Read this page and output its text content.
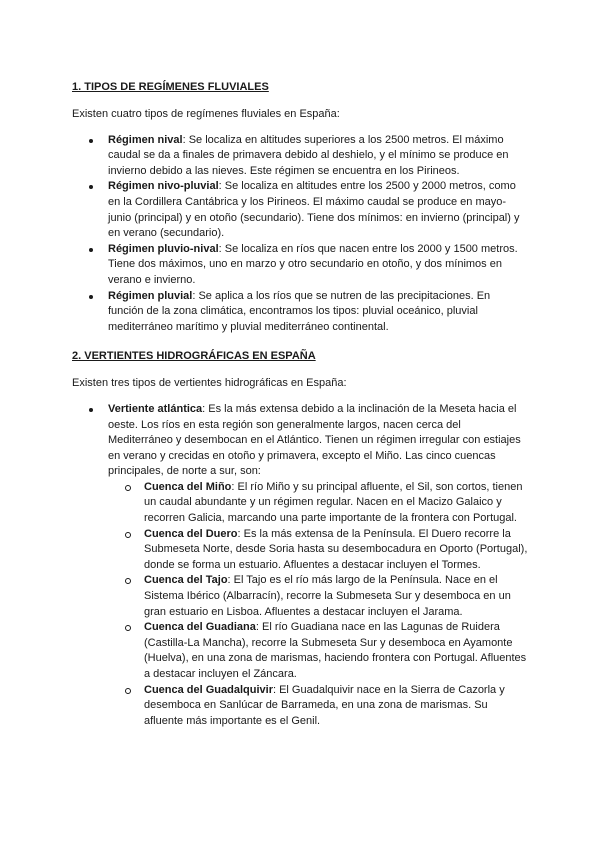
1. TIPOS DE REGÍMENES FLUVIALES

Existen cuatro tipos de regímenes fluviales en España:

Régimen nival: Se localiza en altitudes superiores a los 2500 metros. El máximo caudal se da a finales de primavera debido al deshielo, y el mínimo se produce en invierno debido a las nieves. Este régimen se encuentra en los Pirineos.
Régimen nivo-pluvial: Se localiza en altitudes entre los 2500 y 2000 metros, como en la Cordillera Cantábrica y los Pirineos. El máximo caudal se produce en mayo-junio (principal) y en otoño (secundario). Tiene dos mínimos: en invierno (principal) y en verano (secundario).
Régimen pluvio-nival: Se localiza en ríos que nacen entre los 2000 y 1500 metros. Tiene dos máximos, uno en marzo y otro secundario en otoño, y dos mínimos en verano e invierno.
Régimen pluvial: Se aplica a los ríos que se nutren de las precipitaciones. En función de la zona climática, encontramos los tipos: pluvial oceánico, pluvial mediterráneo marítimo y pluvial mediterráneo continental.
2. VERTIENTES HIDROGRÁFICAS EN ESPAÑA

Existen tres tipos de vertientes hidrográficas en España:

Vertiente atlántica: Es la más extensa debido a la inclinación de la Meseta hacia el oeste. Los ríos en esta región son generalmente largos, nacen cerca del Mediterráneo y desembocan en el Atlántico. Tienen un régimen irregular con estiajes en verano y crecidas en otoño y primavera, excepto el Miño. Las cinco cuencas principales, de norte a sur, son:
Cuenca del Miño: El río Miño y su principal afluente, el Sil, son cortos, tienen un caudal abundante y un régimen regular. Nacen en el Macizo Galaico y recorren Galicia, marcando una parte importante de la frontera con Portugal.
Cuenca del Duero: Es la más extensa de la Península. El Duero recorre la Submeseta Norte, desde Soria hasta su desembocadura en Oporto (Portugal), donde se forma un estuario. Afluentes a destacar incluyen el Tormes.
Cuenca del Tajo: El Tajo es el río más largo de la Península. Nace en el Sistema Ibérico (Albarracín), recorre la Submeseta Sur y desemboca en un gran estuario en Lisboa. Afluentes a destacar incluyen el Jarama.
Cuenca del Guadiana: El río Guadiana nace en las Lagunas de Ruidera (Castilla-La Mancha), recorre la Submeseta Sur y desemboca en Ayamonte (Huelva), en una zona de marismas, haciendo frontera con Portugal. Afluentes a destacar incluyen el Záncara.
Cuenca del Guadalquivir: El Guadalquivir nace en la Sierra de Cazorla y desemboca en Sanlúcar de Barrameda, en una zona de marismas. Su afluente más importante es el Genil.
